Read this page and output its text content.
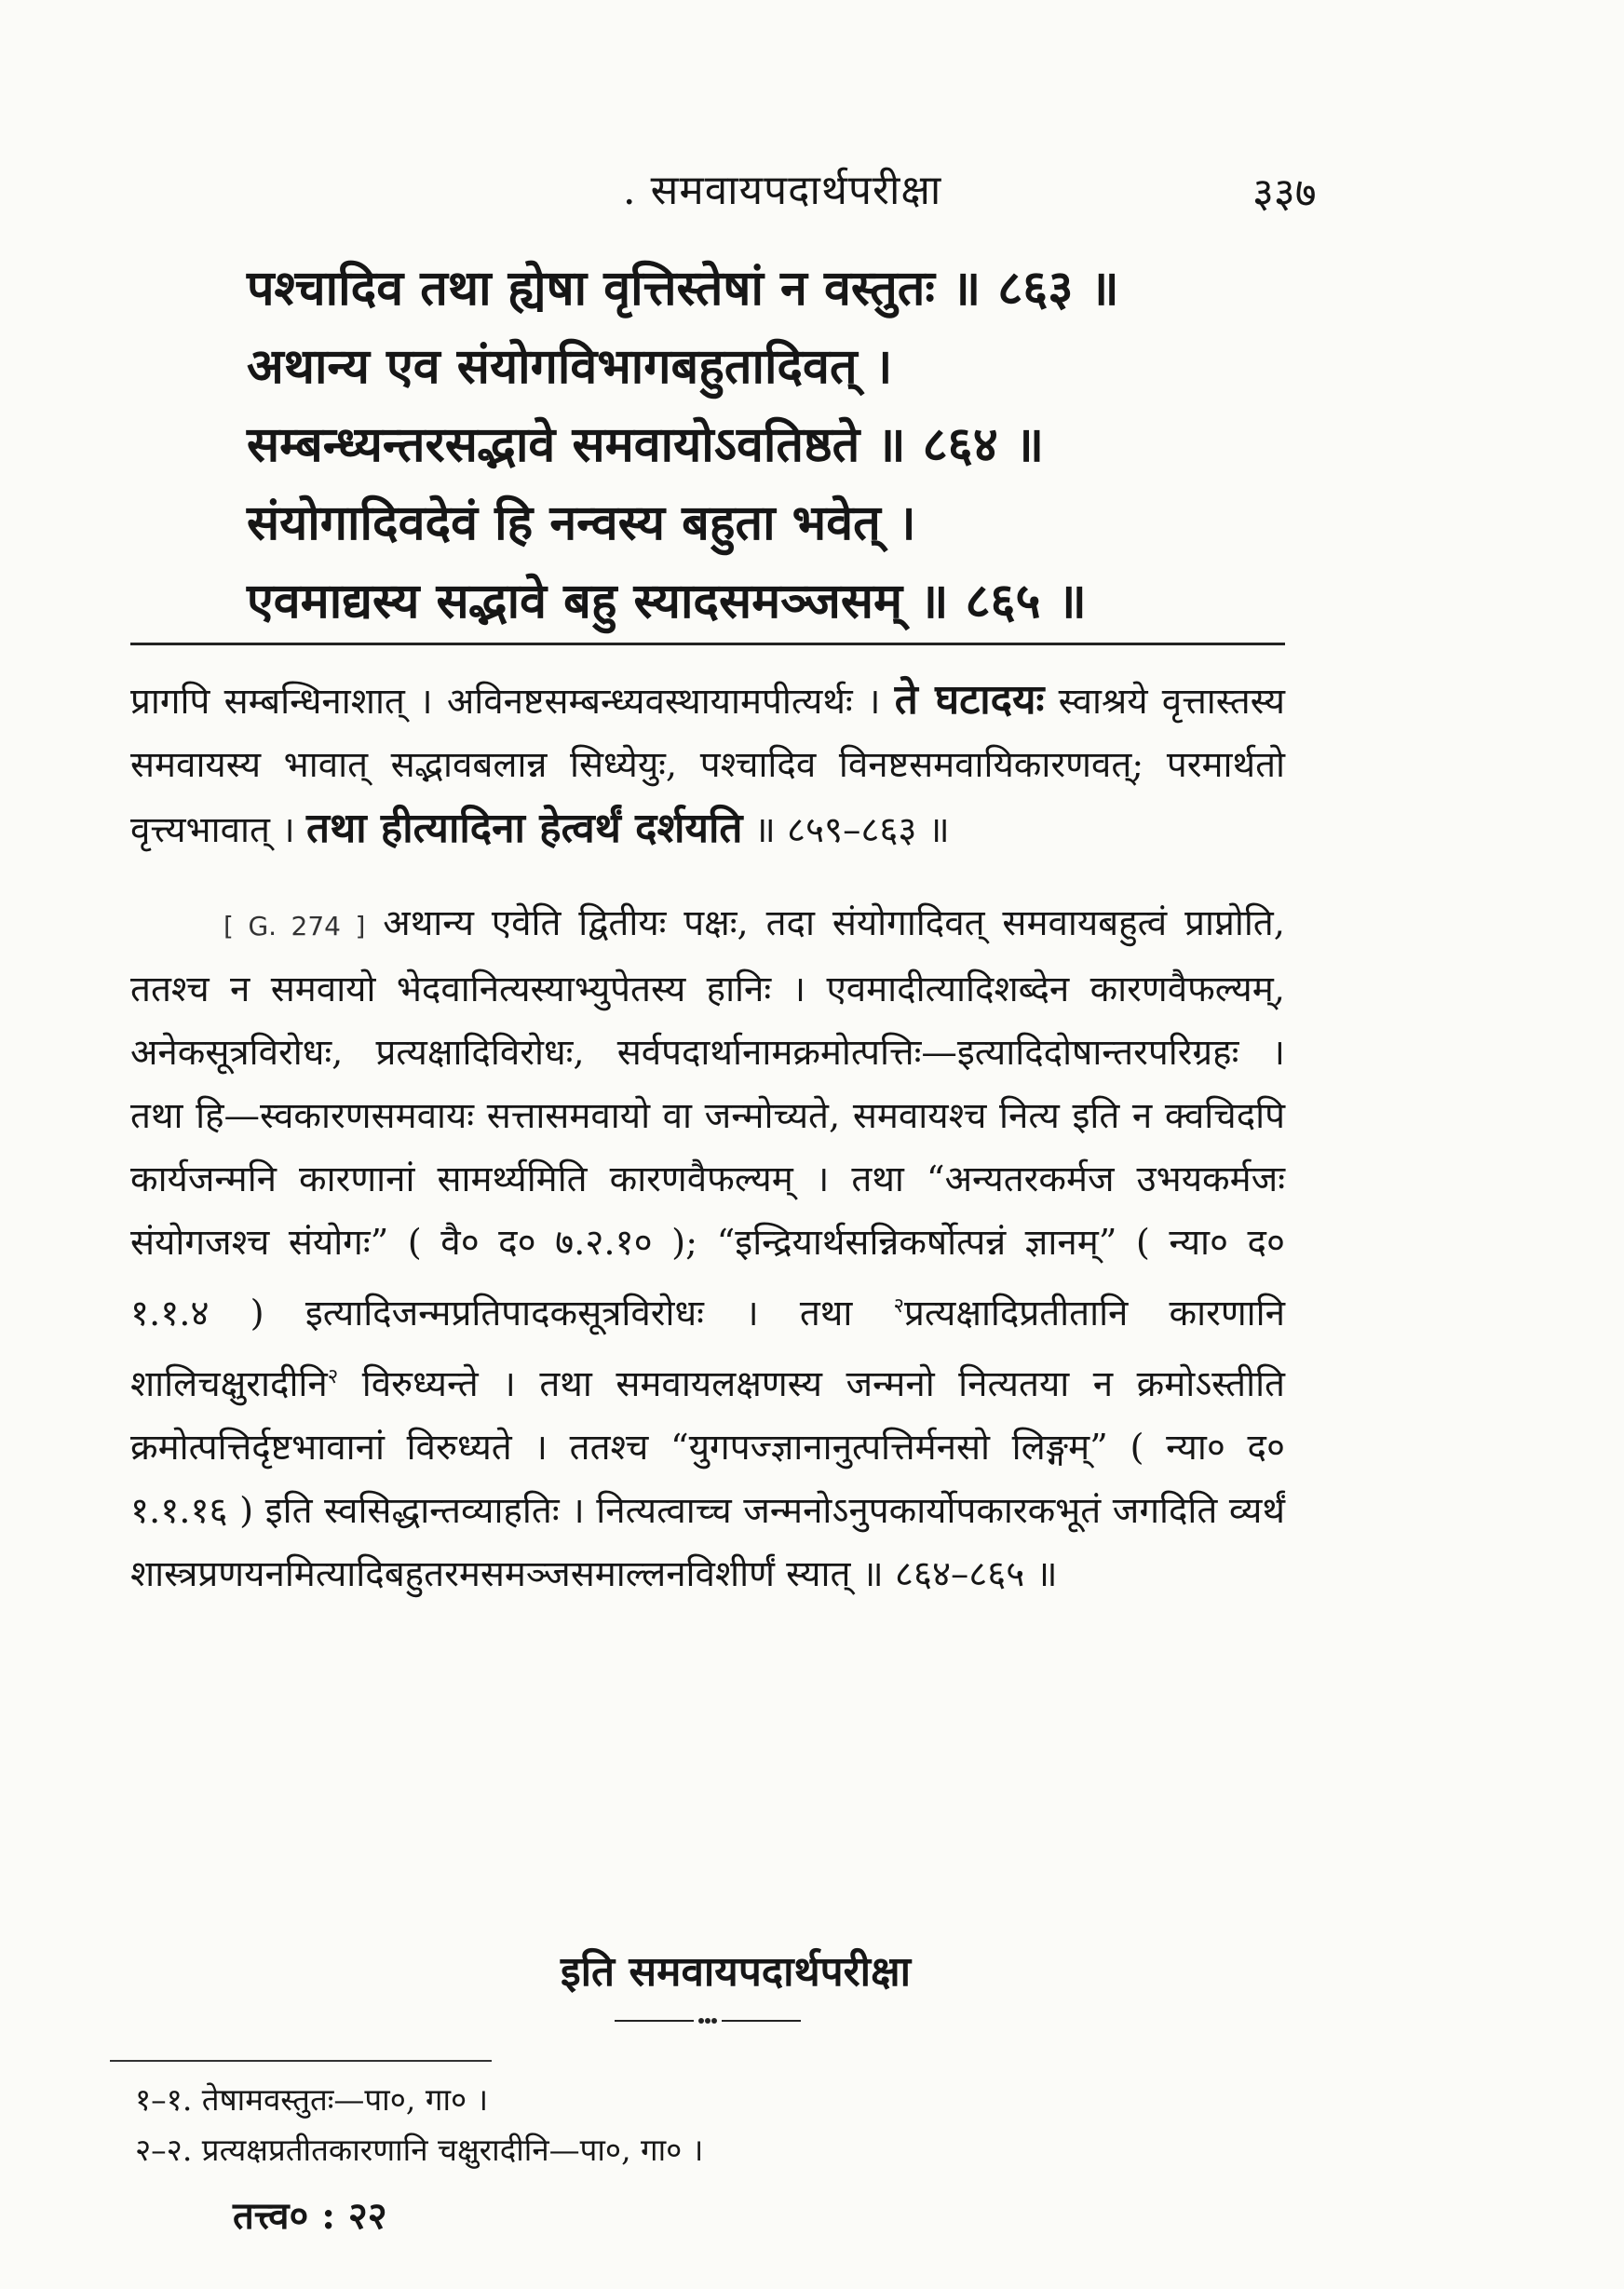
. समवायपदार्थपरीक्षा	३३७
पश्चादिव तथा ह्येषा वृत्तिस्तेषां न वस्तुतः ॥ ८६३ ॥
अथान्य एव संयोगविभागबहुतादिवत् ।
सम्बन्ध्यन्तरसद्भावे समवायोऽवतिष्ठते ॥ ८६४ ॥
संयोगादिवदेवं हि नन्वस्य बहुता भवेत् ।
एवमाद्यस्य सद्भावे बहु स्यादसमञ्जसम् ॥ ८६५ ॥

प्रागपि सम्बन्धिनाशात् । अविनष्टसम्बन्ध्यवस्थायामपीत्यर्थः । ते घटादयः स्वाश्रये वृत्तास्तस्य समवायस्य भावात् सद्भावबलान्न सिध्येयुः, पश्चादिव विनष्टसमवायिकारणवत्; परमार्थतो वृत्त्यभावात् । तथा हीत्यादिना हेत्वर्थं दर्शयति ॥ ८५९–८६३ ॥

[ G. 274 ] अथान्य एवेति द्वितीयः पक्षः, तदा संयोगादिवत् समवायबहुत्वं प्राप्नोति, ततश्च न समवायो भेदवानित्यस्याभ्युपेतस्य हानिः । एवमादीत्यादिशब्देन कारणवैफल्यम्, अनेकसूत्रविरोधः, प्रत्यक्षादिविरोधः, सर्वपदार्थानामक्रमोत्पत्तिः—इत्यादिदोषान्तरपरिग्रहः । तथा हि—स्वकारणसमवायः सत्तासमवायो वा जन्मोच्यते, समवायश्च नित्य इति न क्वचिदपि कार्यजन्मनि कारणानां सामर्थ्यमिति कारणवैफल्यम् । तथा “अन्यतरकर्मज उभयकर्मजः संयोगजश्च संयोगः” ( वै० द० ७.२.१० ); “इन्द्रियार्थसन्निकर्षोत्पन्नं ज्ञानम्” ( न्या० द० १.१.४ ) इत्यादिजन्मप्रतिपादकसूत्रविरोधः । तथा $^२$प्रत्यक्षादिप्रतीतानि कारणानि शालिचक्षुरादीनि$^२$ विरुध्यन्ते । तथा समवायलक्षणस्य जन्मनो नित्यतया न क्रमोऽस्तीति क्रमोत्पत्तिर्दृष्टभावानां विरुध्यते । ततश्च “युगपज्ज्ञानानुत्पत्तिर्मनसो लिङ्गम्” ( न्या० द० १.१.१६ ) इति स्वसिद्धान्तव्याहतिः । नित्यत्वाच्च जन्मनोऽनुपकार्योपकारकभूतं जगदिति व्यर्थं शास्त्रप्रणयनमित्यादिबहुतरमसमञ्जसमाल्लनविशीर्णं स्यात् ॥ ८६४–८६५ ॥

इति समवायपदार्थपरीक्षा
१–१. तेषामवस्तुतः—पा०, गा० ।
२–२. प्रत्यक्षप्रतीतकारणानि चक्षुरादीनि—पा०, गा० ।
तत्त्व० : २२
